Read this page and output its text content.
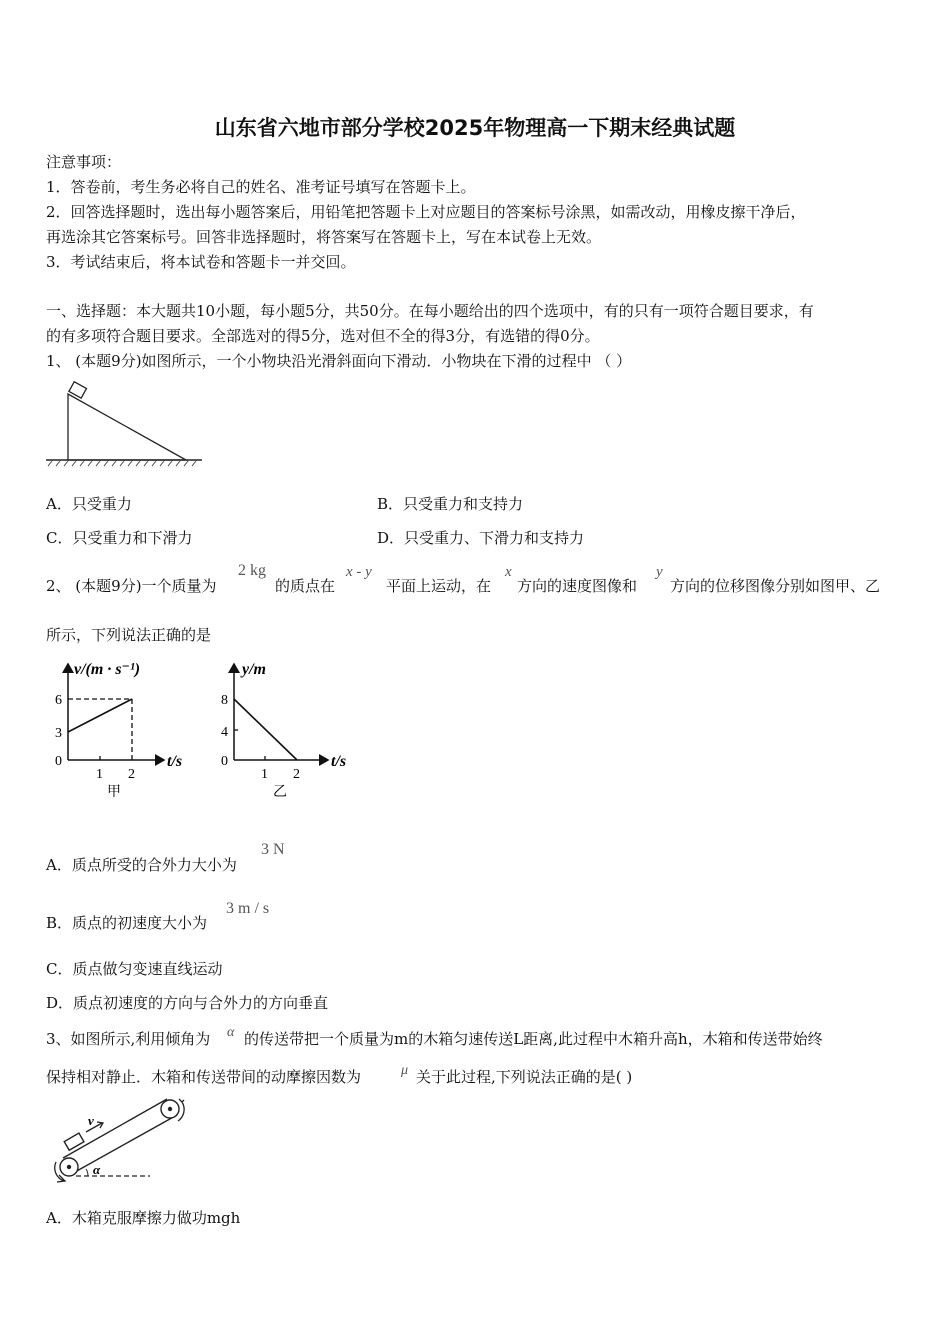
山东省六地市部分学校2025年物理高一下期末经典试题
注意事项：
1．答卷前，考生务必将自己的姓名、准考证号填写在答题卡上。
2．回答选择题时，选出每小题答案后，用铅笔把答题卡上对应题目的答案标号涂黑，如需改动，用橡皮擦干净后，
再选涂其它答案标号。回答非选择题时，将答案写在答题卡上，写在本试卷上无效。
3．考试结束后，将本试卷和答题卡一并交回。
一、选择题：本大题共10小题，每小题5分，共50分。在每小题给出的四个选项中，有的只有一项符合题目要求，有
的有多项符合题目要求。全部选对的得5分，选对但不全的得3分，有选错的得0分。
1、 (本题9分)如图所示，一个小物块沿光滑斜面向下滑动．小物块在下滑的过程中 （ ）
A．只受重力	B．只受重力和支持力
C．只受重力和下滑力	D．只受重力、下滑力和支持力
2、 (本题9分)一个质量为
2 kg
的质点在
x - y
平面上运动，在
x
方向的速度图像和
y
方向的位移图像分别如图甲、乙
所示，下列说法正确的是
v/(m · s⁻¹)
t/s
6
3
0
1 2
甲
y/m
t/s
8
4
0
1 2
乙
A．质点所受的合外力大小为
3 N
B．质点的初速度大小为
3 m / s
C．质点做匀变速直线运动
D．质点初速度的方向与合外力的方向垂直
3、如图所示,利用倾角为 α 的传送带把一个质量为m的木箱匀速传送L距离,此过程中木箱升高h，木箱和传送带始终
保持相对静止．木箱和传送带间的动摩擦因数为	μ 关于此过程,下列说法正确的是( )
v
α
A．木箱克服摩擦力做功mgh
